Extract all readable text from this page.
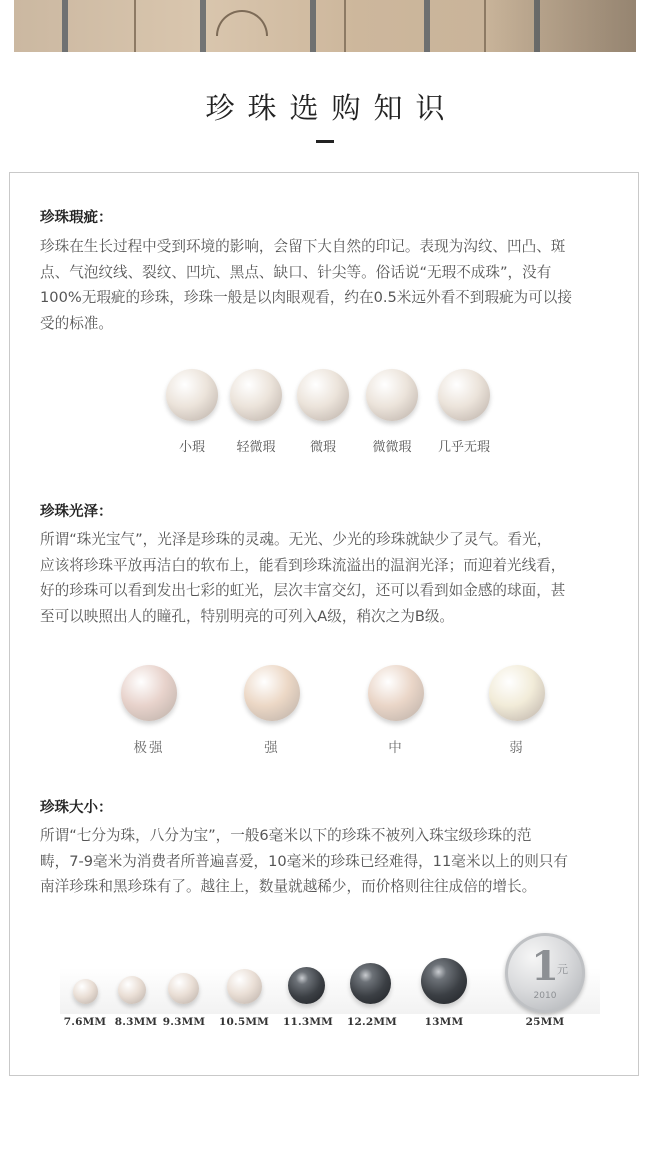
珍珠选购知识
珍珠瑕疵：
珍珠在生长过程中受到环境的影响，会留下大自然的印记。表现为沟纹、凹凸、斑
点、气泡纹线、裂纹、凹坑、黑点、缺口、针尖等。俗话说“无瑕不成珠”，没有
100%无瑕疵的珍珠，珍珠一般是以肉眼观看，约在0.5米远外看不到瑕疵为可以接
受的标准。
小瑕	轻微瑕	微瑕	微微瑕	几乎无瑕
珍珠光泽：
所谓“珠光宝气”，光泽是珍珠的灵魂。无光、少光的珍珠就缺少了灵气。看光，
应该将珍珠平放再洁白的软布上，能看到珍珠流溢出的温润光泽；而迎着光线看，
好的珍珠可以看到发出七彩的虹光，层次丰富交幻，还可以看到如金感的球面，甚
至可以映照出人的瞳孔，特别明亮的可列入A级，稍次之为B级。
极强	强	中	弱
珍珠大小：
所谓“七分为珠，八分为宝”，一般6毫米以下的珍珠不被列入珠宝级珍珠的范
畴，7-9毫米为消费者所普遍喜爱，10毫米的珍珠已经难得，11毫米以上的则只有
南洋珍珠和黑珍珠有了。越往上，数量就越稀少，而价格则往往成倍的增长。
7.6MM 8.3MM 9.3MM	10.5MM	11.3MM	12.2MM	13MM	25MM
1
元
2010
